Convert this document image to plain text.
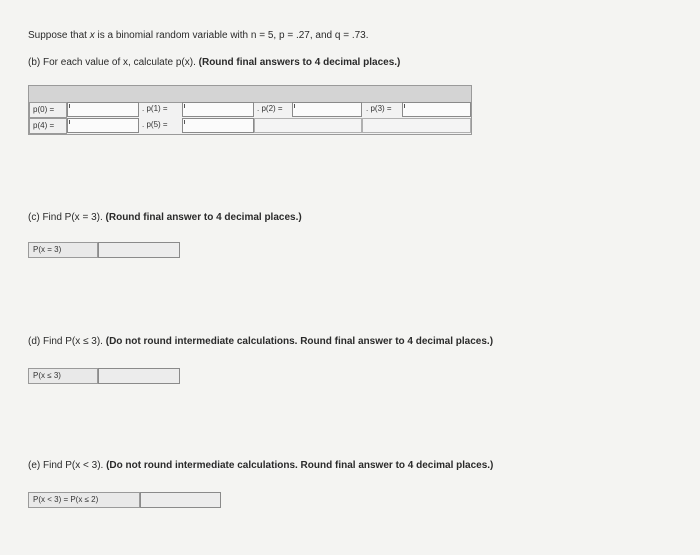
Suppose that x is a binomial random variable with n = 5, p = .27, and q = .73.
(b) For each value of x, calculate p(x). (Round final answers to 4 decimal places.)
p(0) =	. p(1) =	. p(2) =	. p(3) =
p(4) =	. p(5) =
(c) Find P(x = 3). (Round final answer to 4 decimal places.)
P(x = 3)
(d) Find P(x ≤ 3). (Do not round intermediate calculations. Round final answer to 4 decimal places.)
P(x ≤ 3)
(e) Find P(x < 3). (Do not round intermediate calculations. Round final answer to 4 decimal places.)
P(x < 3) = P(x ≤ 2)
